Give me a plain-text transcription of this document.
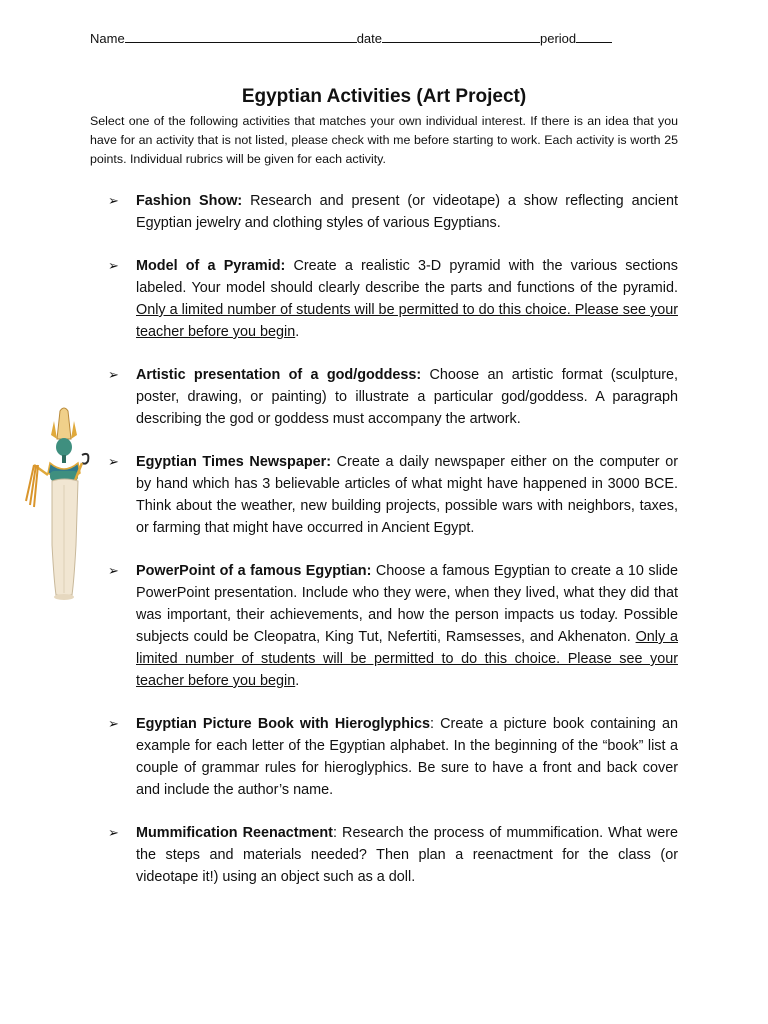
Name	date	period
Egyptian Activities (Art Project)
Select one of the following activities that matches your own individual interest. If there is an idea that you have for an activity that is not listed, please check with me before starting to work. Each activity is worth 25 points. Individual rubrics will be given for each activity.
➢	Fashion Show: Research and present (or videotape) a show reflecting ancient Egyptian jewelry and clothing styles of various Egyptians.
➢	Model of a Pyramid: Create a realistic 3-D pyramid with the various sections labeled. Your model should clearly describe the parts and functions of the pyramid. Only a limited number of students will be permitted to do this choice. Please see your teacher before you begin.
➢	Artistic presentation of a god/goddess: Choose an artistic format (sculpture, poster, drawing, or painting) to illustrate a particular god/goddess. A paragraph describing the god or goddess must accompany the artwork.
➢	Egyptian Times Newspaper: Create a daily newspaper either on the computer or by hand which has 3 believable articles of what might have happened in 3000 BCE. Think about the weather, new building projects, possible wars with neighbors, taxes, or farming that might have occurred in Ancient Egypt.
➢	PowerPoint of a famous Egyptian: Choose a famous Egyptian to create a 10 slide PowerPoint presentation. Include who they were, when they lived, what they did that was important, their achievements, and how the person impacts us today. Possible subjects could be Cleopatra, King Tut, Nefertiti, Ramsesses, and Akhenaton. Only a limited number of students will be permitted to do this choice. Please see your teacher before you begin.
➢	Egyptian Picture Book with Hieroglyphics: Create a picture book containing an example for each letter of the Egyptian alphabet. In the beginning of the “book” list a couple of grammar rules for hieroglyphics. Be sure to have a front and back cover and include the author’s name.
➢	Mummification Reenactment: Research the process of mummification. What were the steps and materials needed? Then plan a reenactment for the class (or videotape it!) using an object such as a doll.
